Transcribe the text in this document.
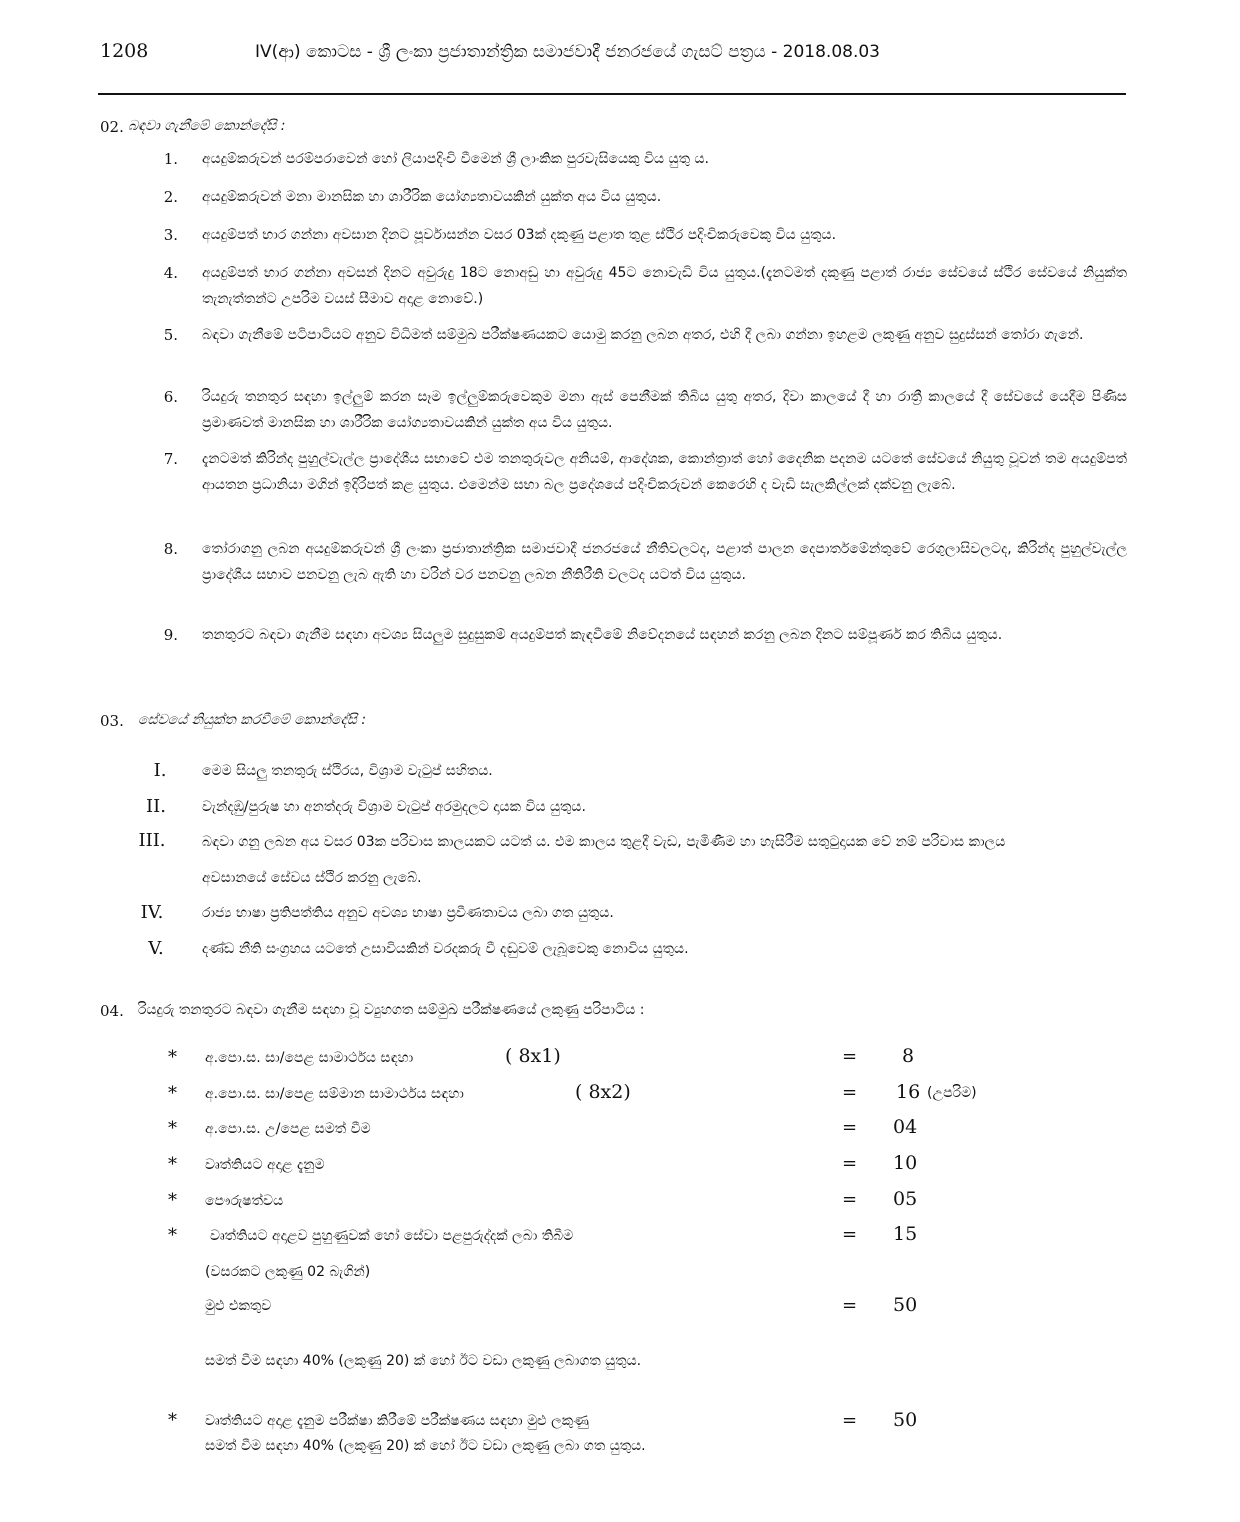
1208	IV(ආ) කොටස - ශ්‍රී ලංකා ප්‍රජාතාන්ත්‍රික සමාජවාදී ජනරජයේ ගැසට් පත්‍රය - 2018.08.03
02. බඳවා ගැනීමේ කොන්දේසි :
1. අයදුම්කරුවන් පරම්පරාවෙන් හෝ ලියාපදිංචි වීමෙන් ශ්‍රී ලාංකික පුරවැසියෙකු විය යුතු ය.
2. අයදුම්කරුවන් මනා මානසික හා ශාරීරික යෝග්‍යතාවයකින් යුක්ත අය විය යුතුය.
3. අයදුම්පත් භාර ගන්නා අවසාන දිනට පූර්වාසන්න වසර 03ක් දකුණු පළාත තුළ ස්ථිර පදිංචිකරුවෙකු විය යුතුය.
4. අයදුම්පත් භාර ගන්නා අවසන් දිනට අවුරුදු 18ට නොඅඩු හා අවුරුදු 45ට නොවැඩි විය යුතුය.(දැනටමත් දකුණු පළාත් රාජ්‍ය සේවයේ ස්ථිර සේවයේ නියුක්ත තැනැත්තන්ට උපරිම වයස් සීමාව අදාළ නොවේ.)
5. බඳවා ගැනීමේ පටිපාටියට අනුව විධිමත් සම්මුඛ පරීක්ෂණයකට යොමු කරනු ලබන අතර, එහි දී ලබා ගන්නා ඉහළම ලකුණු අනුව සුදුස්සන් තෝරා ගැනේ.
6. රියදුරු තනතුර සඳහා ඉල්ලුම් කරන සෑම ඉල්ලුම්කරුවෙකුම මනා ඇස් පෙනීමක් තිබිය යුතු අතර, දිවා කාලයේ දී හා රාත්‍රී කාලයේ දී සේවයේ යෙදීම පිණිස ප්‍රමාණවත් මානසික හා ශාරීරික යෝග්‍යතාවයකින් යුක්ත අය විය යුතුය.
7. දැනටමත් කිරින්ද පුහුල්වැල්ල ප්‍රාදේශීය සභාවේ එම තනතුරුවල අනියම්, ආදේශක, කොන්ත්‍රාත් හෝ දෛනික පදනම යටතේ සේවයේ නියුතු වූවන් තම අයදුම්පත් ආයතන ප්‍රධානියා මගින් ඉදිරිපත් කළ යුතුය. එමෙන්ම සභා බල ප්‍රදේශයේ පදිංචිකරුවන් කෙරෙහි ද වැඩි සැලකිල්ලක් දක්වනු ලැබේ.
8. තෝරාගනු ලබන අයදුම්කරුවන් ශ්‍රී ලංකා ප්‍රජාතාන්ත්‍රික සමාජවාදී ජනරජයේ නීතිවලටද, පළාත් පාලන දෙපාර්තමේන්තුවේ රෙගුලාසිවලටද, කිරින්ද පුහුල්වැල්ල ප්‍රාදේශීය සභාව පනවනු ලැබ ඇති හා වරින් වර පනවනු ලබන නීතිරීති වලටද යටත් විය යුතුය.
9. තනතුරට බඳවා ගැනීම සඳහා අවශ්‍ය සියලුම සුදුසුකම් අයදුම්පත් කැඳවීමේ නිවේදනයේ සඳහන් කරනු ලබන දිනට සම්පූර්ණ කර තිබිය යුතුය.
03. සේවයේ නියුක්ත කරවීමේ කොන්දේසි :
I.	මෙම සියලු තනතුරු ස්ථිරය, විශ්‍රාම වැටුප් සහිතය.
II.	වැන්දඹු/පුරුෂ හා අනත්දරු විශ්‍රාම වැටුප් අරමුදලට දායක විය යුතුය.
III.	බඳවා ගනු ලබන අය වසර 03ක පරිවාස කාලයකට යටත් ය. එම කාලය තුළදී වැඩ, පැමිණීම හා හැසිරීම සතුටුදායක වේ නම් පරිවාස කාලය අවසානයේ සේවය ස්ථිර කරනු ලැබේ.
IV.	රාජ්‍ය භාෂා ප්‍රතිපත්තිය අනුව අවශ්‍ය භාෂා ප්‍රවීණතාවය ලබා ගත යුතුය.
V.	දණ්ඩ නීති සංග්‍රහය යටතේ උසාවියකින් වරදකරු වී දඬුවම් ලැබූවෙකු නොවිය යුතුය.
04. රියදුරු තනතුරට බඳවා ගැනීම සඳහා වූ ව්‍යුහගත සම්මුඛ පරීක්ෂණයේ ලකුණු පරිපාටිය :
* අ.පො.ස. සා/පෙළ සාමාර්ථය සඳහා	( 8x1)	= 8
* අ.පො.ස. සා/පෙළ සම්මාන සාමාර්ථය සඳහා	( 8x2)	= 16 (උපරිම)
* අ.පො.ස. උ/පෙළ සමත් වීම	= 04
* වෘත්තියට අදාළ දැනුම	= 10
* පෞරුෂත්වය	= 05
* වෘත්තියට අදාළව පුහුණුවක් හෝ සේවා පළපුරුද්දක් ලබා තිබීම	= 15
(වසරකට ලකුණු 02 බැගින්)
මුළු එකතුව	= 50
සමත් වීම සඳහා 40% (ලකුණු 20) ක් හෝ ඊට වඩා ලකුණු ලබාගත යුතුය.
* වෘත්තියට අදාළ දැනුම පරීක්ෂා කිරීමේ පරීක්ෂණය සඳහා මුළු ලකුණු	= 50
සමත් වීම සඳහා 40% (ලකුණු 20) ක් හෝ ඊට වඩා ලකුණු ලබා ගත යුතුය.
